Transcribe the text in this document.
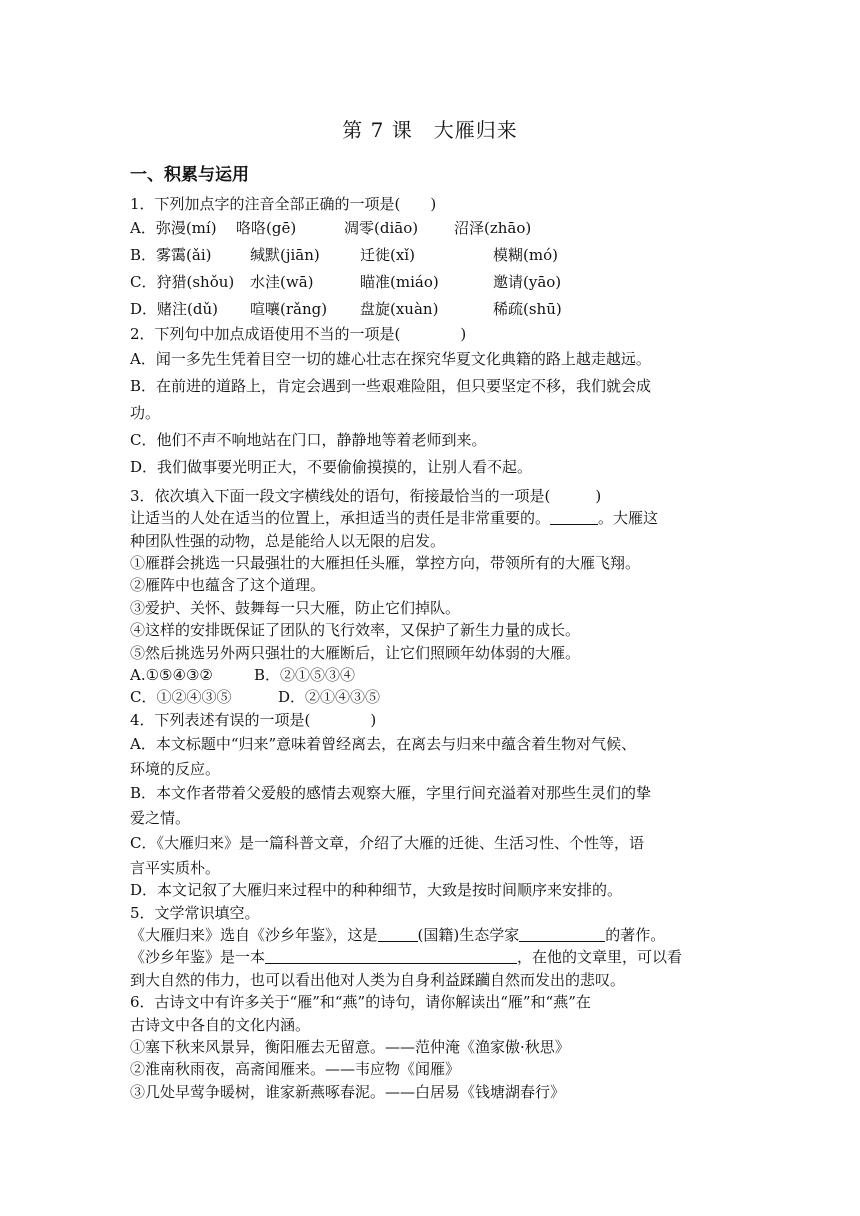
第 7 课　大雁归来
一、积累与运用
1．下列加点字的注音全部正确的一项是(　　)
A．弥漫(mí)	咯咯(gē)	凋零(diāo)	沼泽(zhāo)
B．雾霭(ǎi)	缄默(jiān)	迁徙(xǐ)	模糊(mó)
C．狩猎(shǒu)	水洼(wā)	瞄准(miáo)	邀请(yāo)
D．赌注(dǔ)	喧嚷(rǎng)	盘旋(xuàn)	稀疏(shū)
2．下列句中加点成语使用不当的一项是(　　　　)
A．闻一多先生凭着目空一切的雄心壮志在探究华夏文化典籍的路上越走越远。
B．在前进的道路上，肯定会遇到一些艰难险阻，但只要坚定不移，我们就会成
功。
C．他们不声不响地站在门口，静静地等着老师到来。
D．我们做事要光明正大，不要偷偷摸摸的，让别人看不起。
3．依次填入下面一段文字横线处的语句，衔接最恰当的一项是(　　　)
让适当的人处在适当的位置上，承担适当的责任是非常重要的。	。大雁这
种团队性强的动物，总是能给人以无限的启发。
①雁群会挑选一只最强壮的大雁担任头雁，掌控方向，带领所有的大雁飞翔。
②雁阵中也蕴含了这个道理。
③爱护、关怀、鼓舞每一只大雁，防止它们掉队。
④这样的安排既保证了团队的飞行效率，又保护了新生力量的成长。
⑤然后挑选另外两只强壮的大雁断后，让它们照顾年幼体弱的大雁。
A.①⑤④③②	B．②①⑤③④
C．①②④③⑤	D．②①④③⑤
4．下列表述有误的一项是(　　　　)
A．本文标题中“归来”意味着曾经离去，在离去与归来中蕴含着生物对气候、
环境的反应。
B．本文作者带着父爱般的感情去观察大雁，字里行间充溢着对那些生灵们的挚
爱之情。
C．《大雁归来》是一篇科普文章，介绍了大雁的迁徙、生活习性、个性等，语
言平实质朴。
D．本文记叙了大雁归来过程中的种种细节，大致是按时间顺序来安排的。
5．文学常识填空。
《大雁归来》选自《沙乡年鉴》，这是	(国籍)生态学家	的著作。
《沙乡年鉴》是一本	，在他的文章里，可以看
到大自然的伟力，也可以看出他对人类为自身利益蹂躏自然而发出的悲叹。
6．古诗文中有许多关于“雁”和“燕”的诗句，请你解读出“雁”和“燕”在
古诗文中各自的文化内涵。
①塞下秋来风景异，衡阳雁去无留意。——范仲淹《渔家傲·秋思》
②淮南秋雨夜，高斋闻雁来。——韦应物《闻雁》
③几处早莺争暖树，谁家新燕啄春泥。——白居易《钱塘湖春行》
